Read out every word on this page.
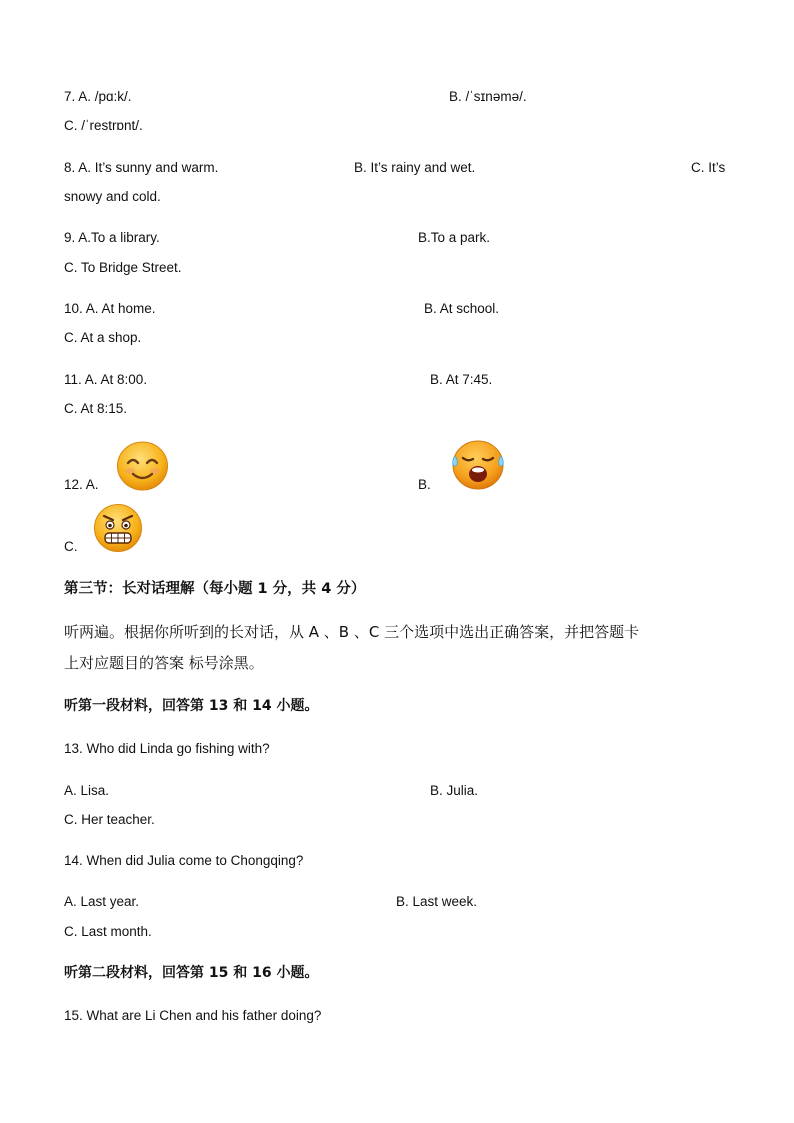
7. A. /pɑ:k/.	B. /ˈsɪnəmə/.
C. /ˈrestrɒnt/.
8. A. It’s sunny and warm.	B. It’s rainy and wet.	C. It’s
snowy and cold.
9. A.To a library.	B.To a park.
C. To Bridge Street.
10. A. At home.	B. At school.
C. At a shop.
11. A. At 8:00.	B. At 7:45.
C. At 8:15.
12. A.	B.
C.
第三节：长对话理解（每小题 1 分，共 4 分）
听两遍。根据你所听到的长对话，从 A 、B 、C 三个选项中选出正确答案，并把答题卡
上对应题目的答案 标号涂黑。
听第一段材料，回答第 13 和 14 小题。
13. Who did Linda go fishing with?
A. Lisa.	B. Julia.
C. Her teacher.
14. When did Julia come to Chongqing?
A. Last year.	B. Last week.
C. Last month.
听第二段材料，回答第 15 和 16 小题。
15. What are Li Chen and his father doing?
